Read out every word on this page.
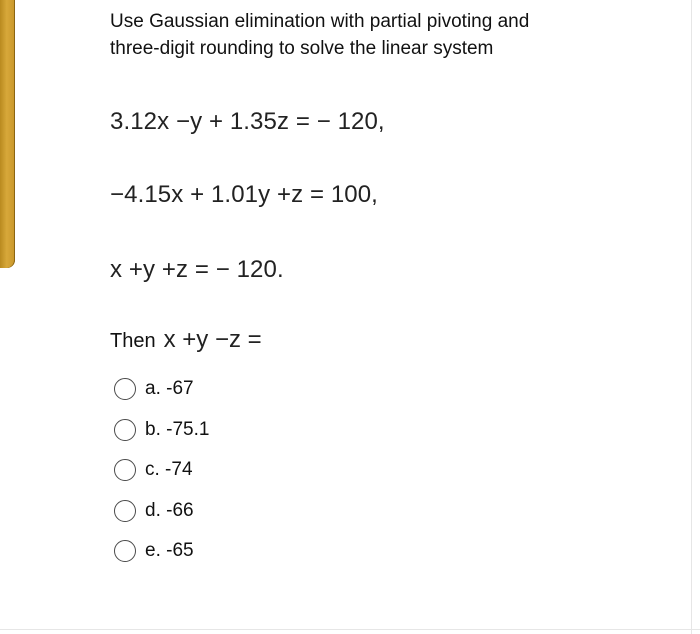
Use Gaussian elimination with partial pivoting and
three-digit rounding to solve the linear system
3.12x −y + 1.35z = − 120,
−4.15x + 1.01y +z = 100,
x +y +z = − 120.
Then x +y −z =
a. -67
b. -75.1
c. -74
d. -66
e. -65
